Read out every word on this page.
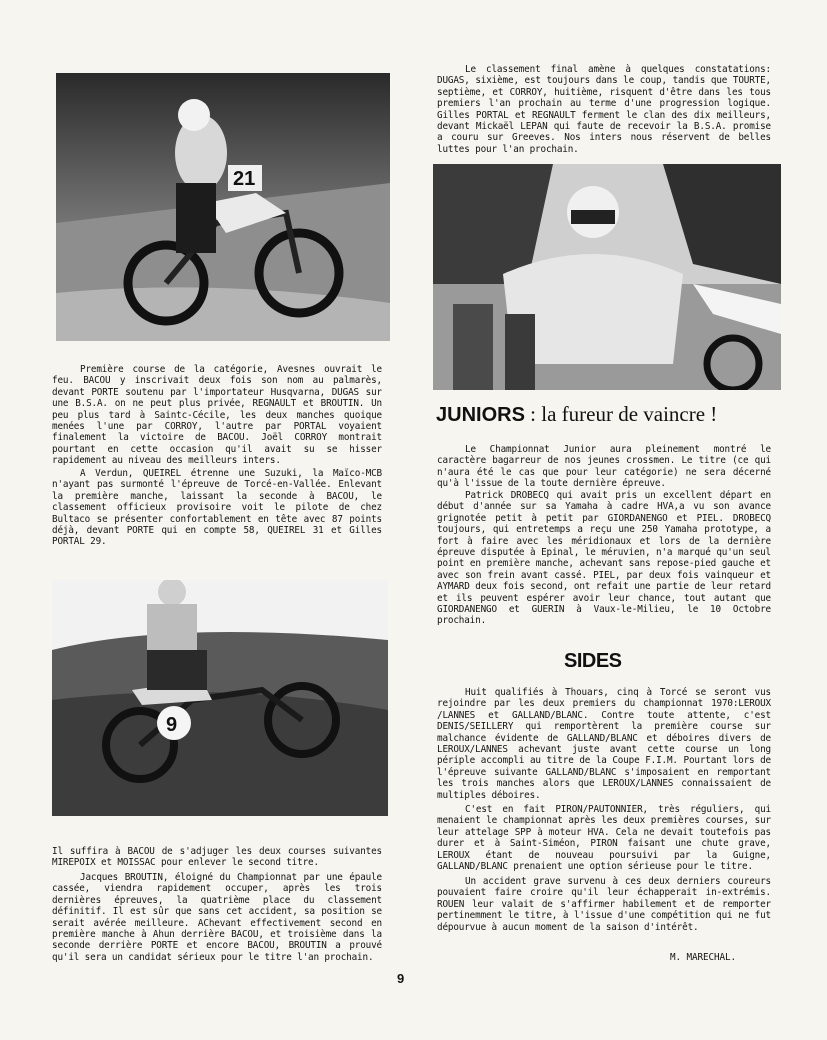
21
9
Première course de la catégorie, Avesnes ouvrait le feu. BACOU y inscrivait deux fois son nom au palmarès, devant PORTE soutenu par l'importateur Husqvarna, DUGAS sur une B.S.A. on ne peut plus privée, REGNAULT et BROUTIN. Un peu plus tard à Saintc-Cécile, les deux manches quoique menées l'une par CORROY, l'autre par PORTAL voyaient finalement la victoire de BACOU. Joël CORROY montrait pourtant en cette occasion qu'il avait su se hisser rapidement au niveau des meilleurs inters.
A Verdun, QUEIREL étrenne une Suzuki, la Maïco-MCB n'ayant pas surmonté l'épreuve de Torcé-en-Vallée. Enlevant la première manche, laissant la seconde à BACOU, le classement officieux provisoire voit le pilote de chez Bultaco se présenter confortablement en tête avec 87 points déjà, devant PORTE qui en compte 58, QUEIREL 31 et Gilles PORTAL 29.
Il suffira à BACOU de s'adjuger les deux courses suivantes MIREPOIX et MOISSAC pour enlever le second titre.
Jacques BROUTIN, éloigné du Championnat par une épaule cassée, viendra rapidement occuper, après les trois dernières épreuves, la quatrième place du classement définitif. Il est sûr que sans cet accident, sa position se serait avérée meilleure. AChevant effectivement second en première manche à Ahun derrière BACOU, et troisième dans la seconde derrière PORTE et encore BACOU, BROUTIN a prouvé qu'il sera un candidat sérieux pour le titre l'an prochain.
Le classement final amène à quelques constatations: DUGAS, sixième, est toujours dans le coup, tandis que TOURTE, septième, et CORROY, huitième, risquent d'être dans les tous premiers l'an prochain au terme d'une progression logique. Gilles PORTAL et REGNAULT ferment le clan des dix meilleurs, devant Mickaël LEPAN qui faute de recevoir la B.S.A. promise a couru sur Greeves. Nos inters nous réservent de belles luttes pour l'an prochain.
JUNIORS : la fureur de vaincre !
Le Championnat Junior aura pleinement montré le caractère bagarreur de nos jeunes crossmen. Le titre (ce qui n'aura été le cas que pour leur catégorie) ne sera décerné qu'à l'issue de la toute dernière épreuve.
Patrick DROBECQ qui avait pris un excellent départ en début d'année sur sa Yamaha à cadre HVA,a vu son avance grignotée petit à petit par GIORDANENGO et PIEL. DROBECQ toujours, qui entretemps a reçu une 250 Yamaha prototype, a fort à faire avec les méridionaux et lors de la dernière épreuve disputée à Epinal, le méruvien, n'a marqué qu'un seul point en première manche, achevant sans repose-pied gauche et avec son frein avant cassé. PIEL, par deux fois vainqueur et AYMARD deux fois second, ont refait une partie de leur retard et ils peuvent espérer avoir leur chance, tout autant que GIORDANENGO et GUERIN à Vaux-le-Milieu, le 10 Octobre prochain.
SIDES
Huit qualifiés à Thouars, cinq à Torcé se seront vus rejoindre par les deux premiers du championnat 1970:LEROUX /LANNES et GALLAND/BLANC. Contre toute attente, c'est DENIS/SEILLERY qui remportèrent la première course sur malchance évidente de GALLAND/BLANC et déboires divers de LEROUX/LANNES achevant juste avant cette course un long périple accompli au titre de la Coupe F.I.M. Pourtant lors de l'épreuve suivante GALLAND/BLANC s'imposaient en remportant les trois manches alors que LEROUX/LANNES connaissaient de multiples déboires.
C'est en fait PIRON/PAUTONNIER, très réguliers, qui menaient le championnat après les deux premières courses, sur leur attelage SPP à moteur HVA. Cela ne devait toutefois pas durer et à Saint-Siméon, PIRON faisant une chute grave, LEROUX étant de nouveau poursuivi par la Guigne, GALLAND/BLANC prenaient une option sérieuse pour le titre.
Un accident grave survenu à ces deux derniers coureurs pouvaient faire croire qu'il leur échapperait in-extrémis. ROUEN leur valait de s'affirmer habilement et de remporter pertinemment le titre, à l'issue d'une compétition qui ne fut dépourvue à aucun moment de la saison d'intérêt.
M. MARECHAL.
9
